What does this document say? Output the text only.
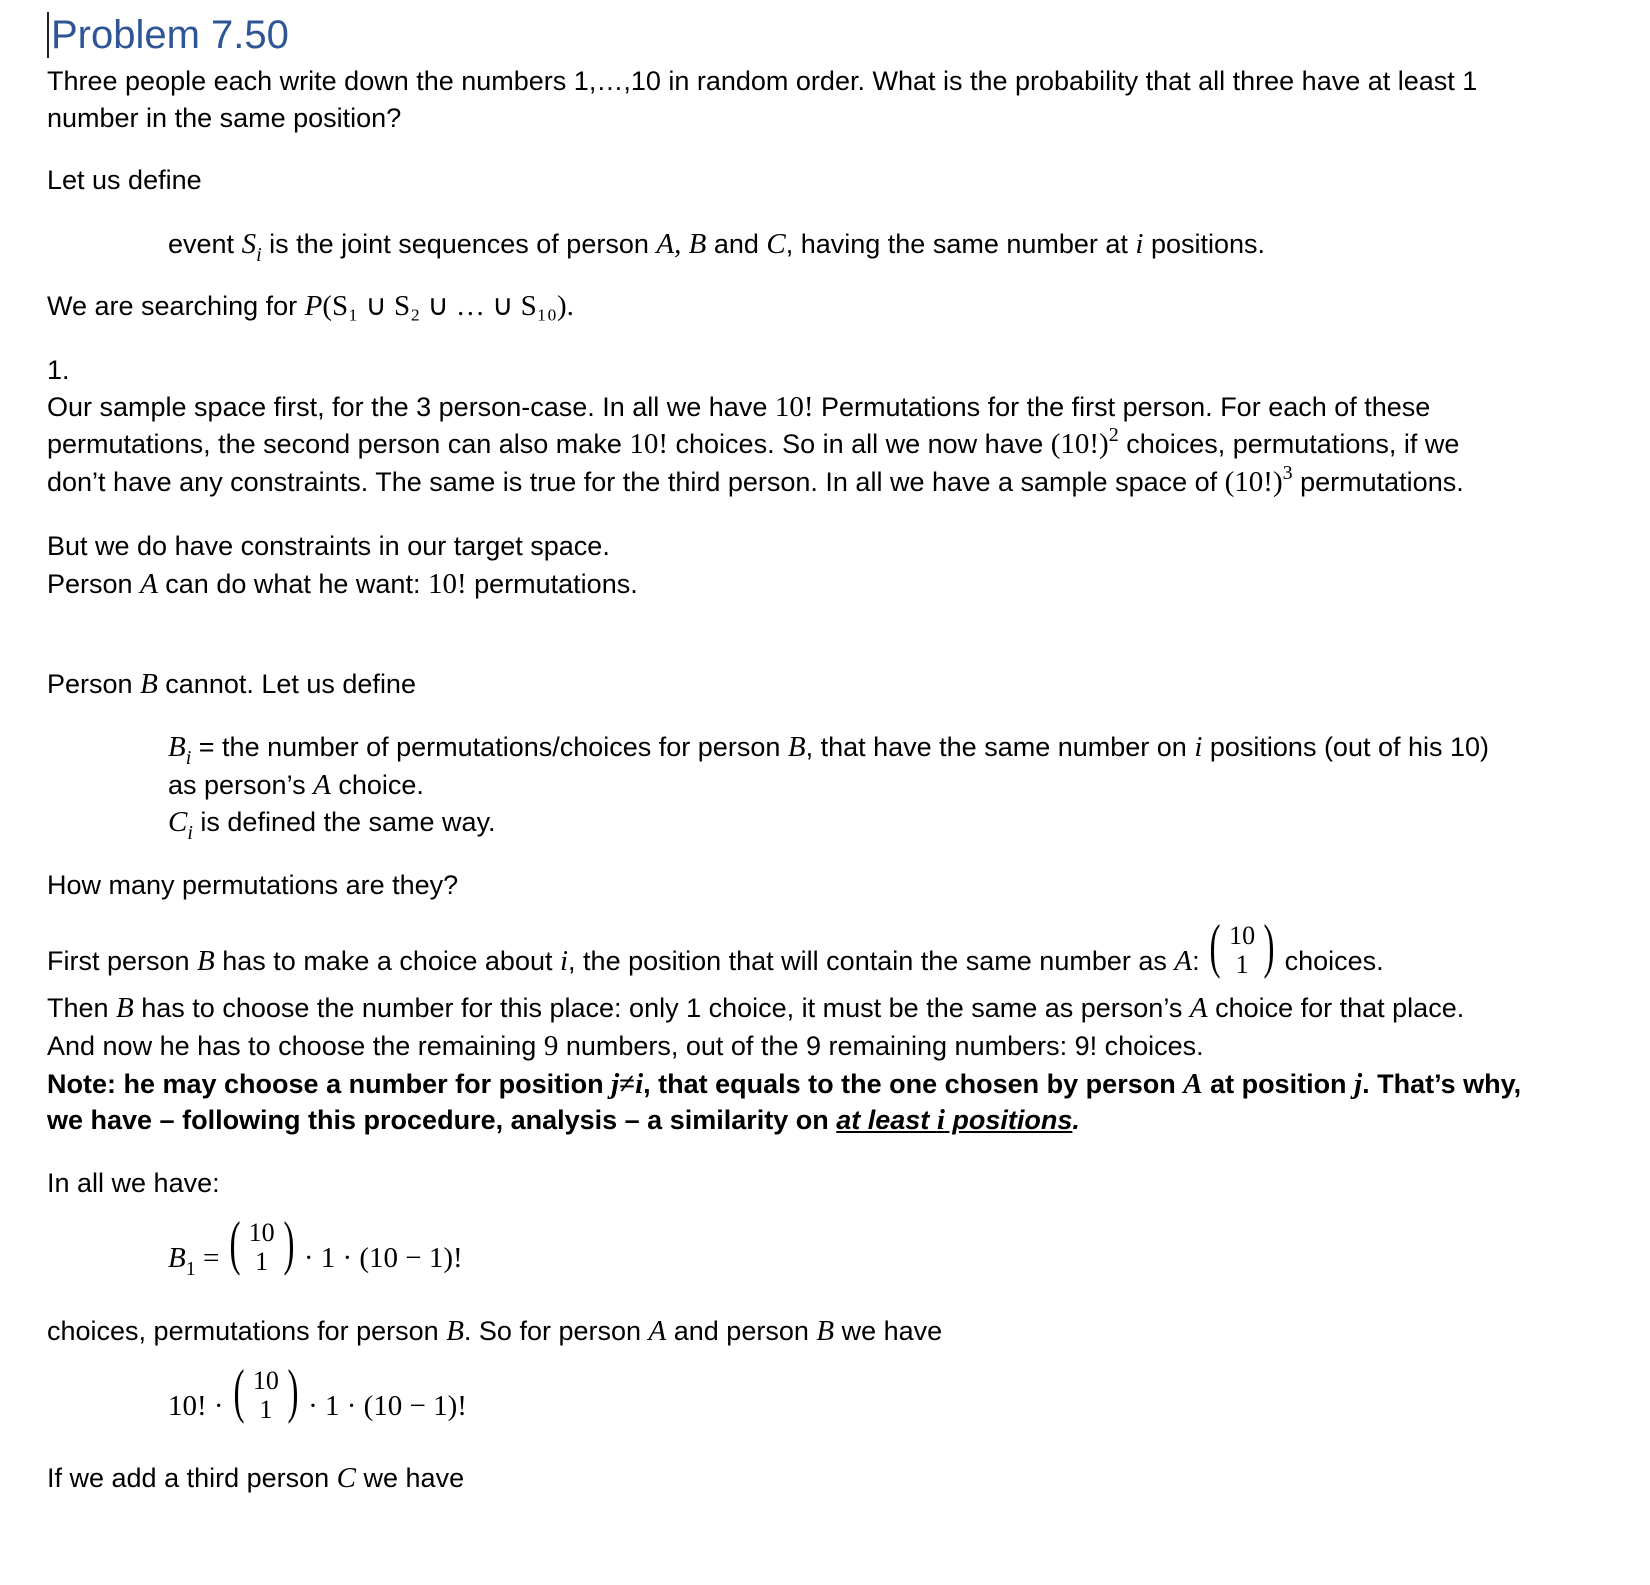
Problem 7.50
Three people each write down the numbers 1,…,10 in random order. What is the probability that all three have at least 1
number in the same position?
Let us define
event $S_i$ is the joint sequences of person A, B and C, having the same number at i positions.
We are searching for P(S₁ ∪ S₂ ∪ … ∪ S₁₀).
1.
Our sample space first, for the 3 person-case. In all we have 10! Permutations for the first person. For each of these
permutations, the second person can also make 10! choices. So in all we now have $(10!)^2$ choices, permutations, if we
don’t have any constraints. The same is true for the third person. In all we have a sample space of $(10!)^3$ permutations.
But we do have constraints in our target space.
Person A can do what he want: 10! permutations.
Person B cannot. Let us define
$B_i$ = the number of permutations/choices for person B, that have the same number on i positions (out of his 10)
as person’s A choice.
$C_i$ is defined the same way.
How many permutations are they?
First person B has to make a choice about i, the position that will contain the same number as A: ( 10
1 ) choices.
Then B has to choose the number for this place: only 1 choice, it must be the same as person’s A choice for that place.
And now he has to choose the remaining 9 numbers, out of the 9 remaining numbers: 9! choices.
Note: he may choose a number for position j≠i, that equals to the one chosen by person A at position j. That’s why,
we have – following this procedure, analysis – a similarity on at least i positions.
In all we have:
$B_1$ = ( 10
1 ) · 1 · (10 − 1)!
choices, permutations for person B. So for person A and person B we have
10! · ( 10
1 ) · 1 · (10 − 1)!
If we add a third person C we have
